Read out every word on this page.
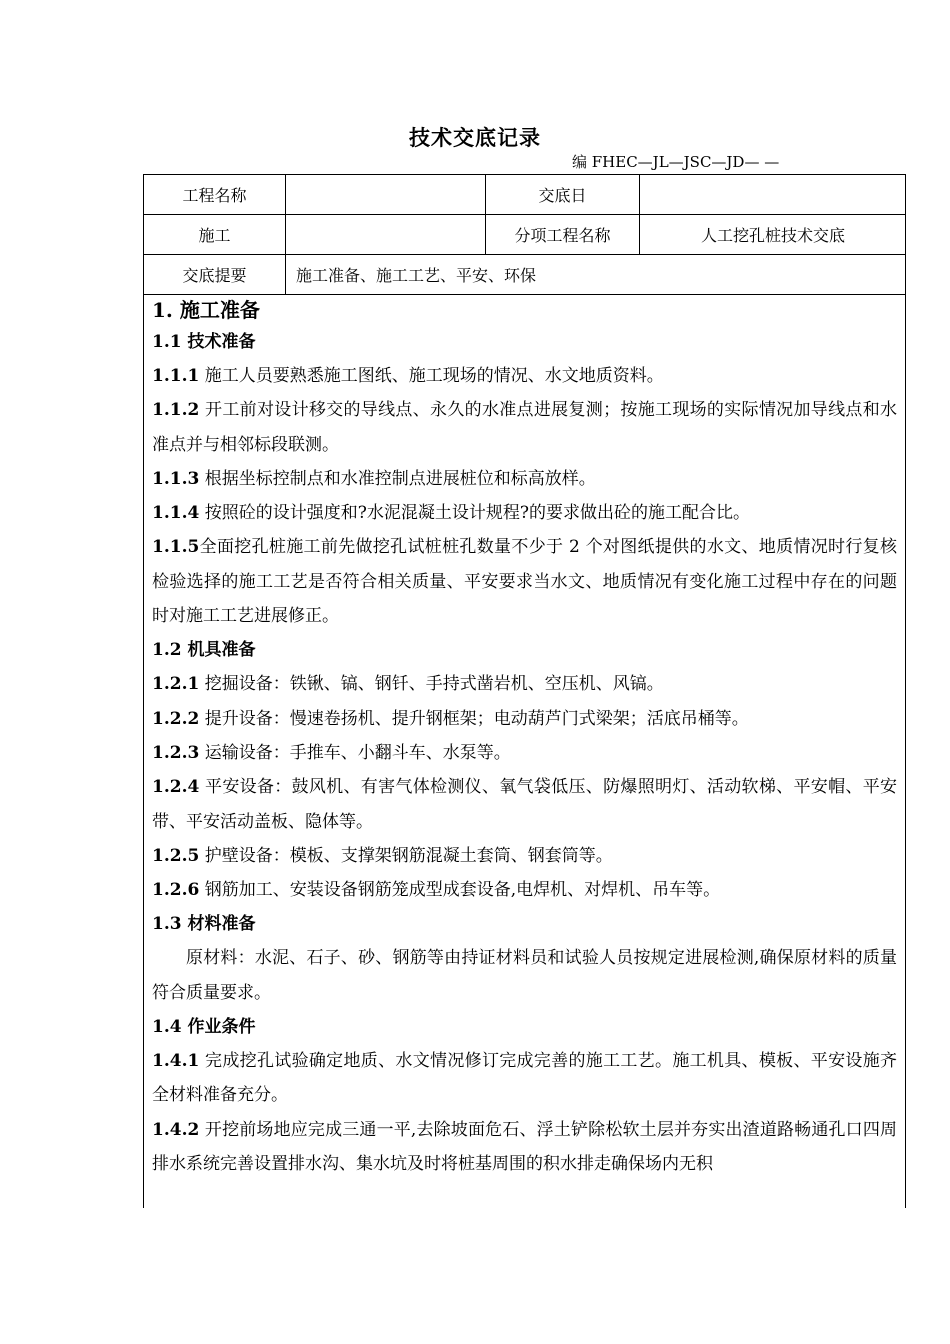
技术交底记录
编 FHEC—JL—JSC—JD— —
工程名称		交底日	
施工		分项工程名称	人工挖孔桩技术交底
交底提要	施工准备、施工工艺、平安、环保		
1. 施工准备
1.1 技术准备
1.1.1 施工人员要熟悉施工图纸、施工现场的情况、水文地质资料。
1.1.2 开工前对设计移交的导线点、永久的水准点进展复测；按施工现场的实际情况加导线点和水准点并与相邻标段联测。
1.1.3 根据坐标控制点和水准控制点进展桩位和标高放样。
1.1.4 按照砼的设计强度和?水泥混凝土设计规程?的要求做出砼的施工配合比。
1.1.5全面挖孔桩施工前先做挖孔试桩桩孔数量不少于 2 个对图纸提供的水文、地质情况时行复核检验选择的施工工艺是否符合相关质量、平安要求当水文、地质情况有变化施工过程中存在的问题时对施工工艺进展修正。
1.2 机具准备
1.2.1 挖掘设备：铁锹、镐、钢钎、手持式凿岩机、空压机、风镐。
1.2.2 提升设备：慢速卷扬机、提升钢框架；电动葫芦门式梁架；活底吊桶等。
1.2.3 运输设备：手推车、小翻斗车、水泵等。
1.2.4 平安设备：鼓风机、有害气体检测仪、氧气袋低压、防爆照明灯、活动软梯、平安帽、平安带、平安活动盖板、隐体等。
1.2.5 护壁设备：模板、支撑架钢筋混凝土套筒、钢套筒等。
1.2.6 钢筋加工、安装设备钢筋笼成型成套设备,电焊机、对焊机、吊车等。
1.3 材料准备
原材料：水泥、石子、砂、钢筋等由持证材料员和试验人员按规定进展检测,确保原材料的质量符合质量要求。
1.4 作业条件
1.4.1 完成挖孔试验确定地质、水文情况修订完成完善的施工工艺。施工机具、模板、平安设施齐全材料准备充分。
1.4.2 开挖前场地应完成三通一平,去除坡面危石、浮土铲除松软土层并夯实出渣道路畅通孔口四周排水系统完善设置排水沟、集水坑及时将桩基周围的积水排走确保场内无积
